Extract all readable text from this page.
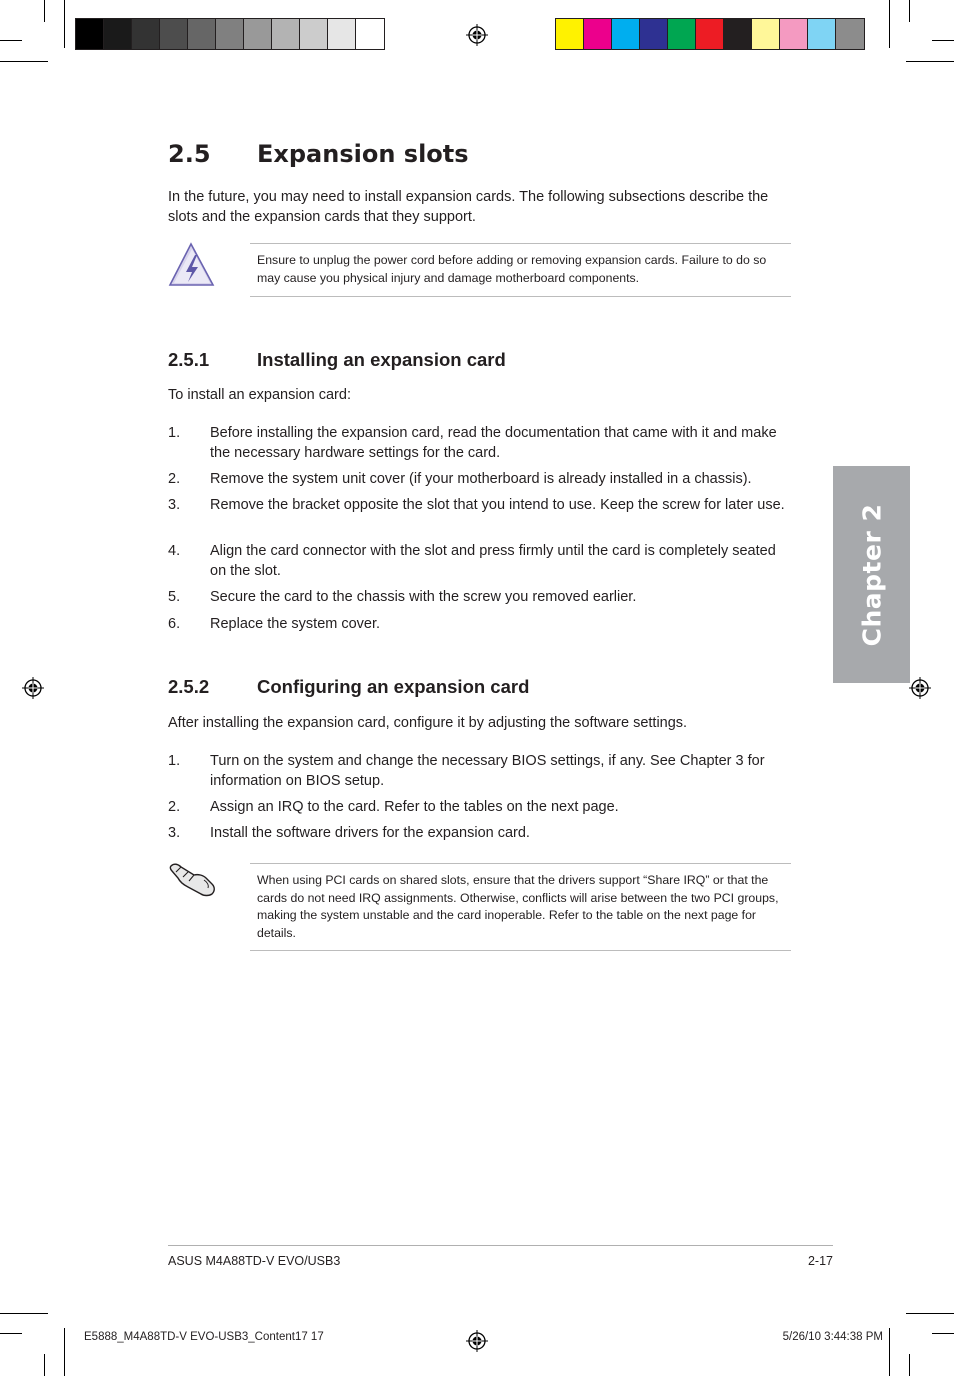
2.5 Expansion slots

In the future, you may need to install expansion cards. The following subsections describe the slots and the expansion cards that they support.

Ensure to unplug the power cord before adding or removing expansion cards. Failure to do so may cause you physical injury and damage motherboard components.
2.5.1	Installing an expansion card

To install an expansion card:

1. Before installing the expansion card, read the documentation that came with it and make the necessary hardware settings for the card.
2. Remove the system unit cover (if your motherboard is already installed in a chassis).
3. Remove the bracket opposite the slot that you intend to use. Keep the screw for later use.
4. Align the card connector with the slot and press firmly until the card is completely seated on the slot.
5. Secure the card to the chassis with the screw you removed earlier.
6. Replace the system cover.
2.5.2	Configuring an expansion card

After installing the expansion card, configure it by adjusting the software settings.

1. Turn on the system and change the necessary BIOS settings, if any. See Chapter 3 for information on BIOS setup.
2. Assign an IRQ to the card. Refer to the tables on the next page.
3. Install the software drivers for the expansion card.
When using PCI cards on shared slots, ensure that the drivers support “Share IRQ” or that the cards do not need IRQ assignments. Otherwise, conflicts will arise between the two PCI groups, making the system unstable and the card inoperable. Refer to the table on the next page for details.
Chapter 2
ASUS M4A88TD-V EVO/USB3	2-17
E5888_M4A88TD-V EVO-USB3_Content17 17	5/26/10 3:44:38 PM
